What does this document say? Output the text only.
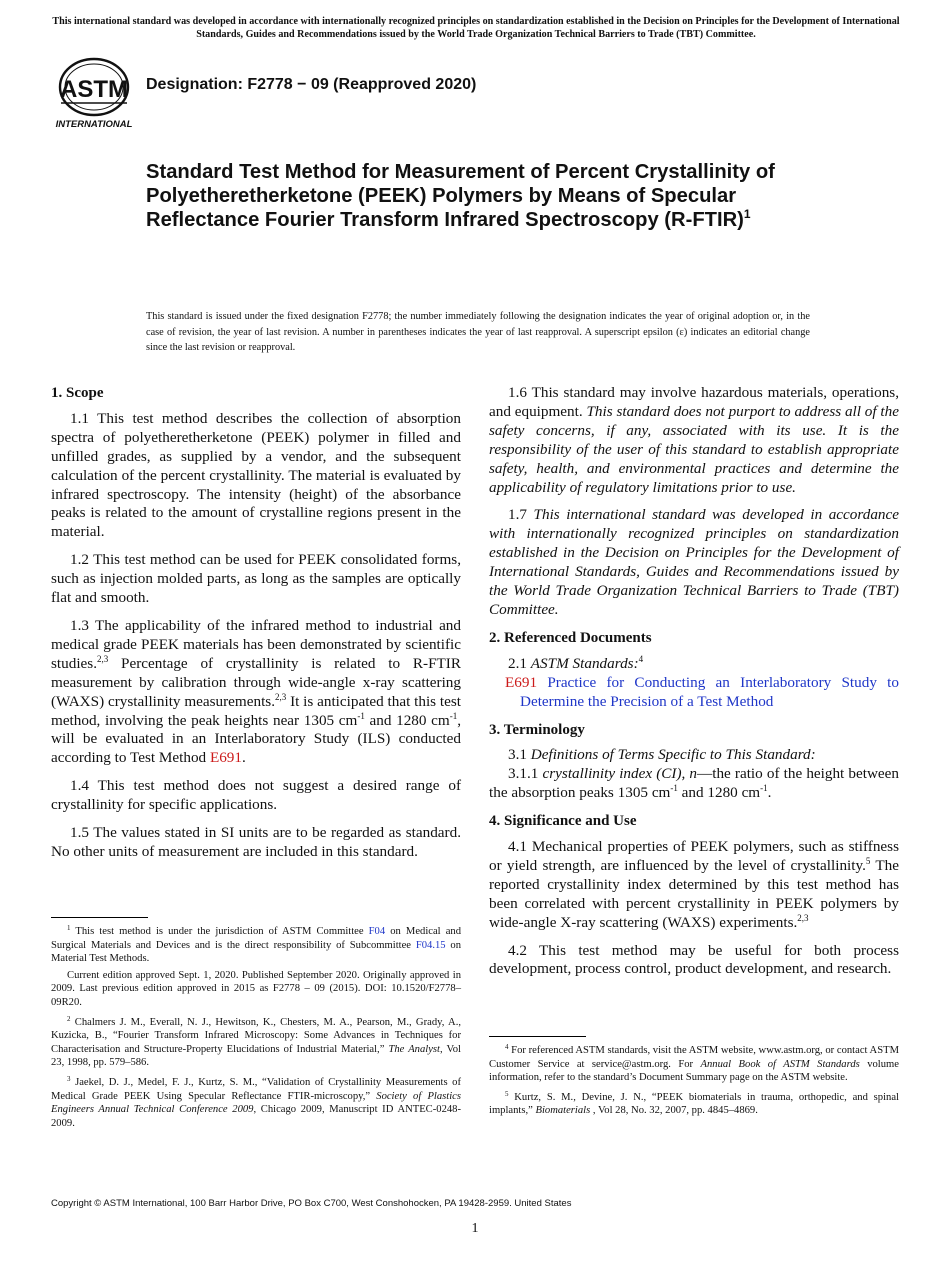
This international standard was developed in accordance with internationally recognized principles on standardization established in the Decision on Principles for the Development of International Standards, Guides and Recommendations issued by the World Trade Organization Technical Barriers to Trade (TBT) Committee.
ASTM
INTERNATIONAL
Designation: F2778 − 09 (Reapproved 2020)
Standard Test Method for Measurement of Percent Crystallinity of Polyetheretherketone (PEEK) Polymers by Means of Specular Reflectance Fourier Transform Infrared Spectroscopy (R-FTIR)$^1$

This standard is issued under the fixed designation F2778; the number immediately following the designation indicates the year of original adoption or, in the case of revision, the year of last revision. A number in parentheses indicates the year of last reapproval. A superscript epsilon (ε) indicates an editorial change since the last revision or reapproval.

1. Scope

1.1 This test method describes the collection of absorption spectra of polyetheretherketone (PEEK) polymer in filled and unfilled grades, as supplied by a vendor, and the subsequent calculation of the percent crystallinity. The material is evaluated by infrared spectroscopy. The intensity (height) of the absorbance peaks is related to the amount of crystalline regions present in the material.

1.2 This test method can be used for PEEK consolidated forms, such as injection molded parts, as long as the samples are optically flat and smooth.

1.3 The applicability of the infrared method to industrial and medical grade PEEK materials has been demonstrated by scientific studies.$^{2,3}$ Percentage of crystallinity is related to R-FTIR measurement by calibration through wide-angle x-ray scattering (WAXS) crystallinity measurements.$^{2,3}$ It is anticipated that this test method, involving the peak heights near 1305 $cm^{-1}$ and 1280 $cm^{-1}$, will be evaluated in an Interlaboratory Study (ILS) conducted according to Test Method E691.

1.4 This test method does not suggest a desired range of crystallinity for specific applications.

1.5 The values stated in SI units are to be regarded as standard. No other units of measurement are included in this standard.

1.6 This standard may involve hazardous materials, operations, and equipment. This standard does not purport to address all of the safety concerns, if any, associated with its use. It is the responsibility of the user of this standard to establish appropriate safety, health, and environmental practices and determine the applicability of regulatory limitations prior to use.

1.7 This international standard was developed in accordance with internationally recognized principles on standardization established in the Decision on Principles for the Development of International Standards, Guides and Recommendations issued by the World Trade Organization Technical Barriers to Trade (TBT) Committee.

2. Referenced Documents

2.1 ASTM Standards:$^4$

E691 Practice for Conducting an Interlaboratory Study to Determine the Precision of a Test Method

3. Terminology

3.1 Definitions of Terms Specific to This Standard:

3.1.1 crystallinity index (CI), n—the ratio of the height between the absorption peaks 1305 $cm^{-1}$ and 1280 $cm^{-1}$.

4. Significance and Use

4.1 Mechanical properties of PEEK polymers, such as stiffness or yield strength, are influenced by the level of crystallinity.$^5$ The reported crystallinity index determined by this test method has been correlated with percent crystallinity in PEEK polymers by wide-angle X-ray scattering (WAXS) experiments.$^{2,3}$

4.2 This test method may be useful for both process development, process control, product development, and research.

$^1$ This test method is under the jurisdiction of ASTM Committee F04 on Medical and Surgical Materials and Devices and is the direct responsibility of Subcommittee F04.15 on Material Test Methods.

Current edition approved Sept. 1, 2020. Published September 2020. Originally approved in 2009. Last previous edition approved in 2015 as F2778 – 09 (2015). DOI: 10.1520/F2778–09R20.

$^2$ Chalmers J. M., Everall, N. J., Hewitson, K., Chesters, M. A., Pearson, M., Grady, A., Kuzicka, B., “Fourier Transform Infrared Microscopy: Some Advances in Techniques for Characterisation and Structure-Property Elucidations of Industrial Material,” The Analyst, Vol 23, 1998, pp. 579–586.

$^3$ Jaekel, D. J., Medel, F. J., Kurtz, S. M., “Validation of Crystallinity Measurements of Medical Grade PEEK Using Specular Reflectance FTIR-microscopy,” Society of Plastics Engineers Annual Technical Conference 2009, Chicago 2009, Manuscript ID ANTEC-0248-2009.

$^4$ For referenced ASTM standards, visit the ASTM website, www.astm.org, or contact ASTM Customer Service at service@astm.org. For Annual Book of ASTM Standards volume information, refer to the standard’s Document Summary page on the ASTM website.

$^5$ Kurtz, S. M., Devine, J. N., “PEEK biomaterials in trauma, orthopedic, and spinal implants,” Biomaterials , Vol 28, No. 32, 2007, pp. 4845–4869.

Copyright © ASTM International, 100 Barr Harbor Drive, PO Box C700, West Conshohocken, PA 19428-2959. United States
1
